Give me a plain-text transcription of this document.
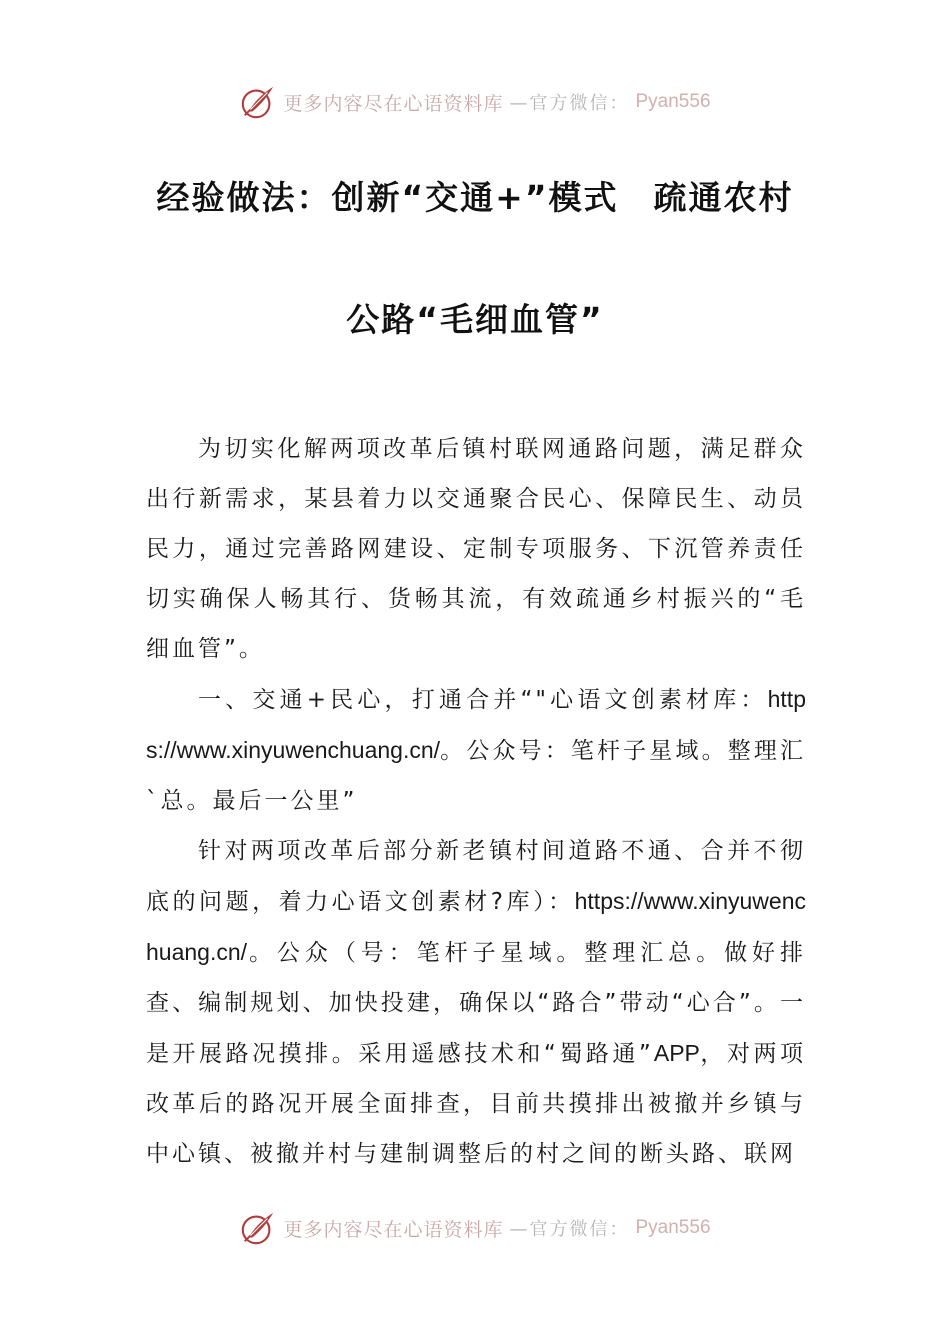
更多内容尽在心语资料库 —官方微信： Pyan556
经验做法：创新“交通+”模式　疏通农村
公路“毛细血管”

为切实化解两项改革后镇村联网通路问题，满足群众出行新需求，某县着力以交通聚合民心、保障民生、动员民力，通过完善路网建设、定制专项服务、下沉管养责任切实确保人畅其行、货畅其流，有效疏通乡村振兴的“毛细血管”。

一、交通+民心，打通合并“"心语文创素材库：https://www.xinyuwenchuang.cn/。公众号：笔杆子星域。整理汇`总。最后一公里”

针对两项改革后部分新老镇村间道路不通、合并不彻底的问题，着力心语文创素材?库）：https://www.xinyuwenchuang.cn/。公众（号：笔杆子星域。整理汇总。做好排查、编制规划、加快投建，确保以“路合”带动“心合”。一是开展路况摸排。采用遥感技术和“蜀路通”APP，对两项改革后的路况开展全面排查，目前共摸排出被撤并乡镇与中心镇、被撤并村与建制调整后的村之间的断头路、联网

更多内容尽在心语资料库 —官方微信： Pyan556
